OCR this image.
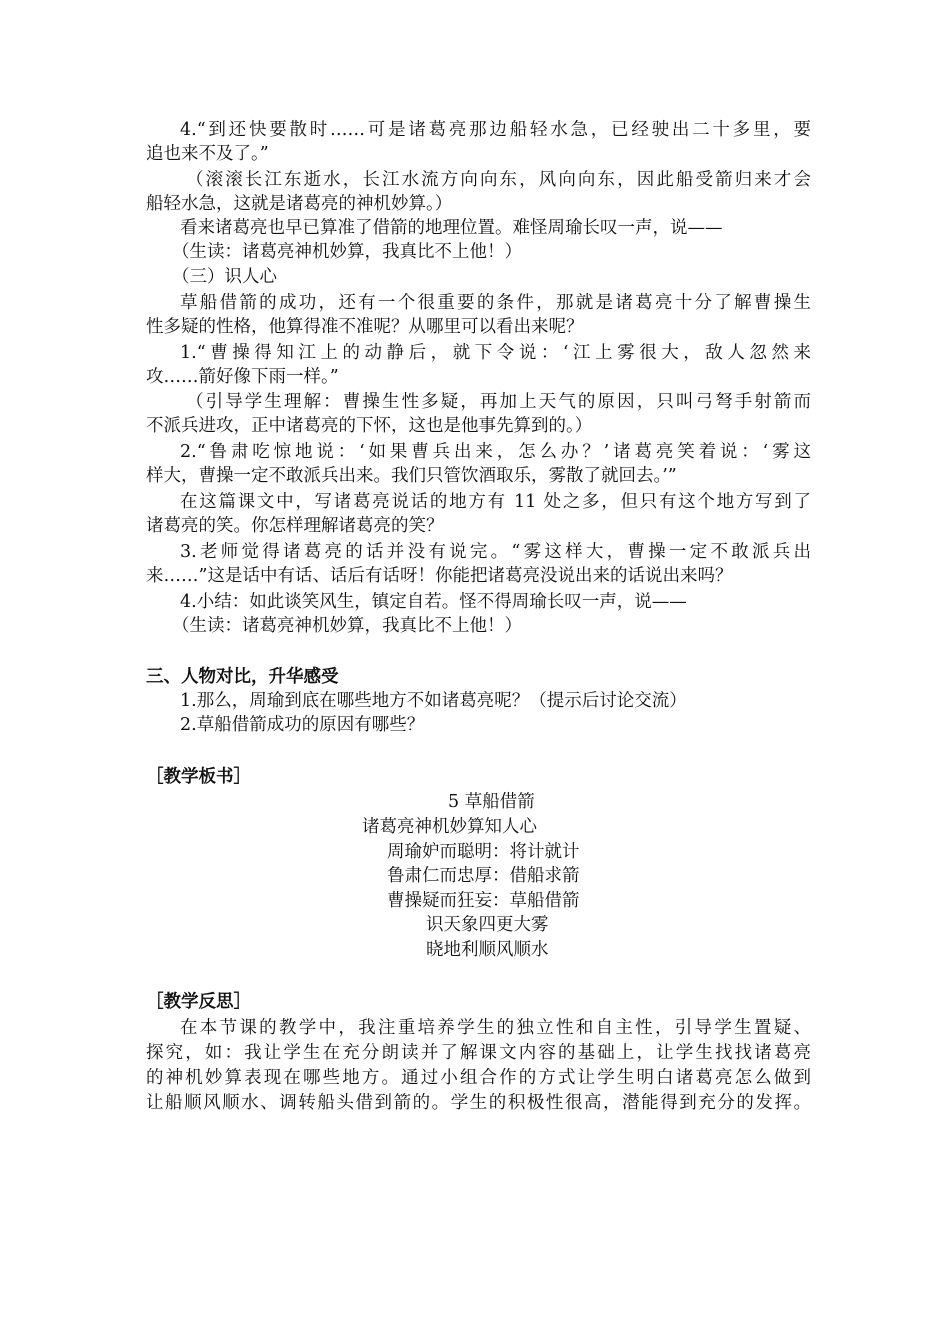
4.“到还快要散时……可是诸葛亮那边船轻水急，已经驶出二十多里，要
追也来不及了。”
（滚滚长江东逝水，长江水流方向向东，风向向东，因此船受箭归来才会
船轻水急，这就是诸葛亮的神机妙算。）
看来诸葛亮也早已算准了借箭的地理位置。难怪周瑜长叹一声，说——
（生读：诸葛亮神机妙算，我真比不上他！）
（三）识人心
草船借箭的成功，还有一个很重要的条件，那就是诸葛亮十分了解曹操生
性多疑的性格，他算得准不准呢？从哪里可以看出来呢？
1.“曹操得知江上的动静后，就下令说：‘江上雾很大，敌人忽然来
攻……箭好像下雨一样。”
（引导学生理解：曹操生性多疑，再加上天气的原因，只叫弓弩手射箭而
不派兵进攻，正中诸葛亮的下怀，这也是他事先算到的。）
2.“鲁肃吃惊地说：‘如果曹兵出来，怎么办？’诸葛亮笑着说：‘雾这
样大，曹操一定不敢派兵出来。我们只管饮酒取乐，雾散了就回去。’”
在这篇课文中，写诸葛亮说话的地方有 11 处之多，但只有这个地方写到了
诸葛亮的笑。你怎样理解诸葛亮的笑？
3.老师觉得诸葛亮的话并没有说完。“雾这样大，曹操一定不敢派兵出
来……”这是话中有话、话后有话呀！你能把诸葛亮没说出来的话说出来吗？
4.小结：如此谈笑风生，镇定自若。怪不得周瑜长叹一声，说——
（生读：诸葛亮神机妙算，我真比不上他！）
三、人物对比，升华感受
1.那么，周瑜到底在哪些地方不如诸葛亮呢？（提示后讨论交流）
2.草船借箭成功的原因有哪些？
［教学板书］
5 草船借箭
诸葛亮神机妙算知人心
周瑜妒而聪明：将计就计
鲁肃仁而忠厚：借船求箭
曹操疑而狂妄：草船借箭
识天象四更大雾
晓地利顺风顺水
［教学反思］
在本节课的教学中，我注重培养学生的独立性和自主性，引导学生置疑、
探究，如：我让学生在充分朗读并了解课文内容的基础上，让学生找找诸葛亮
的神机妙算表现在哪些地方。通过小组合作的方式让学生明白诸葛亮怎么做到
让船顺风顺水、调转船头借到箭的。学生的积极性很高，潜能得到充分的发挥。
